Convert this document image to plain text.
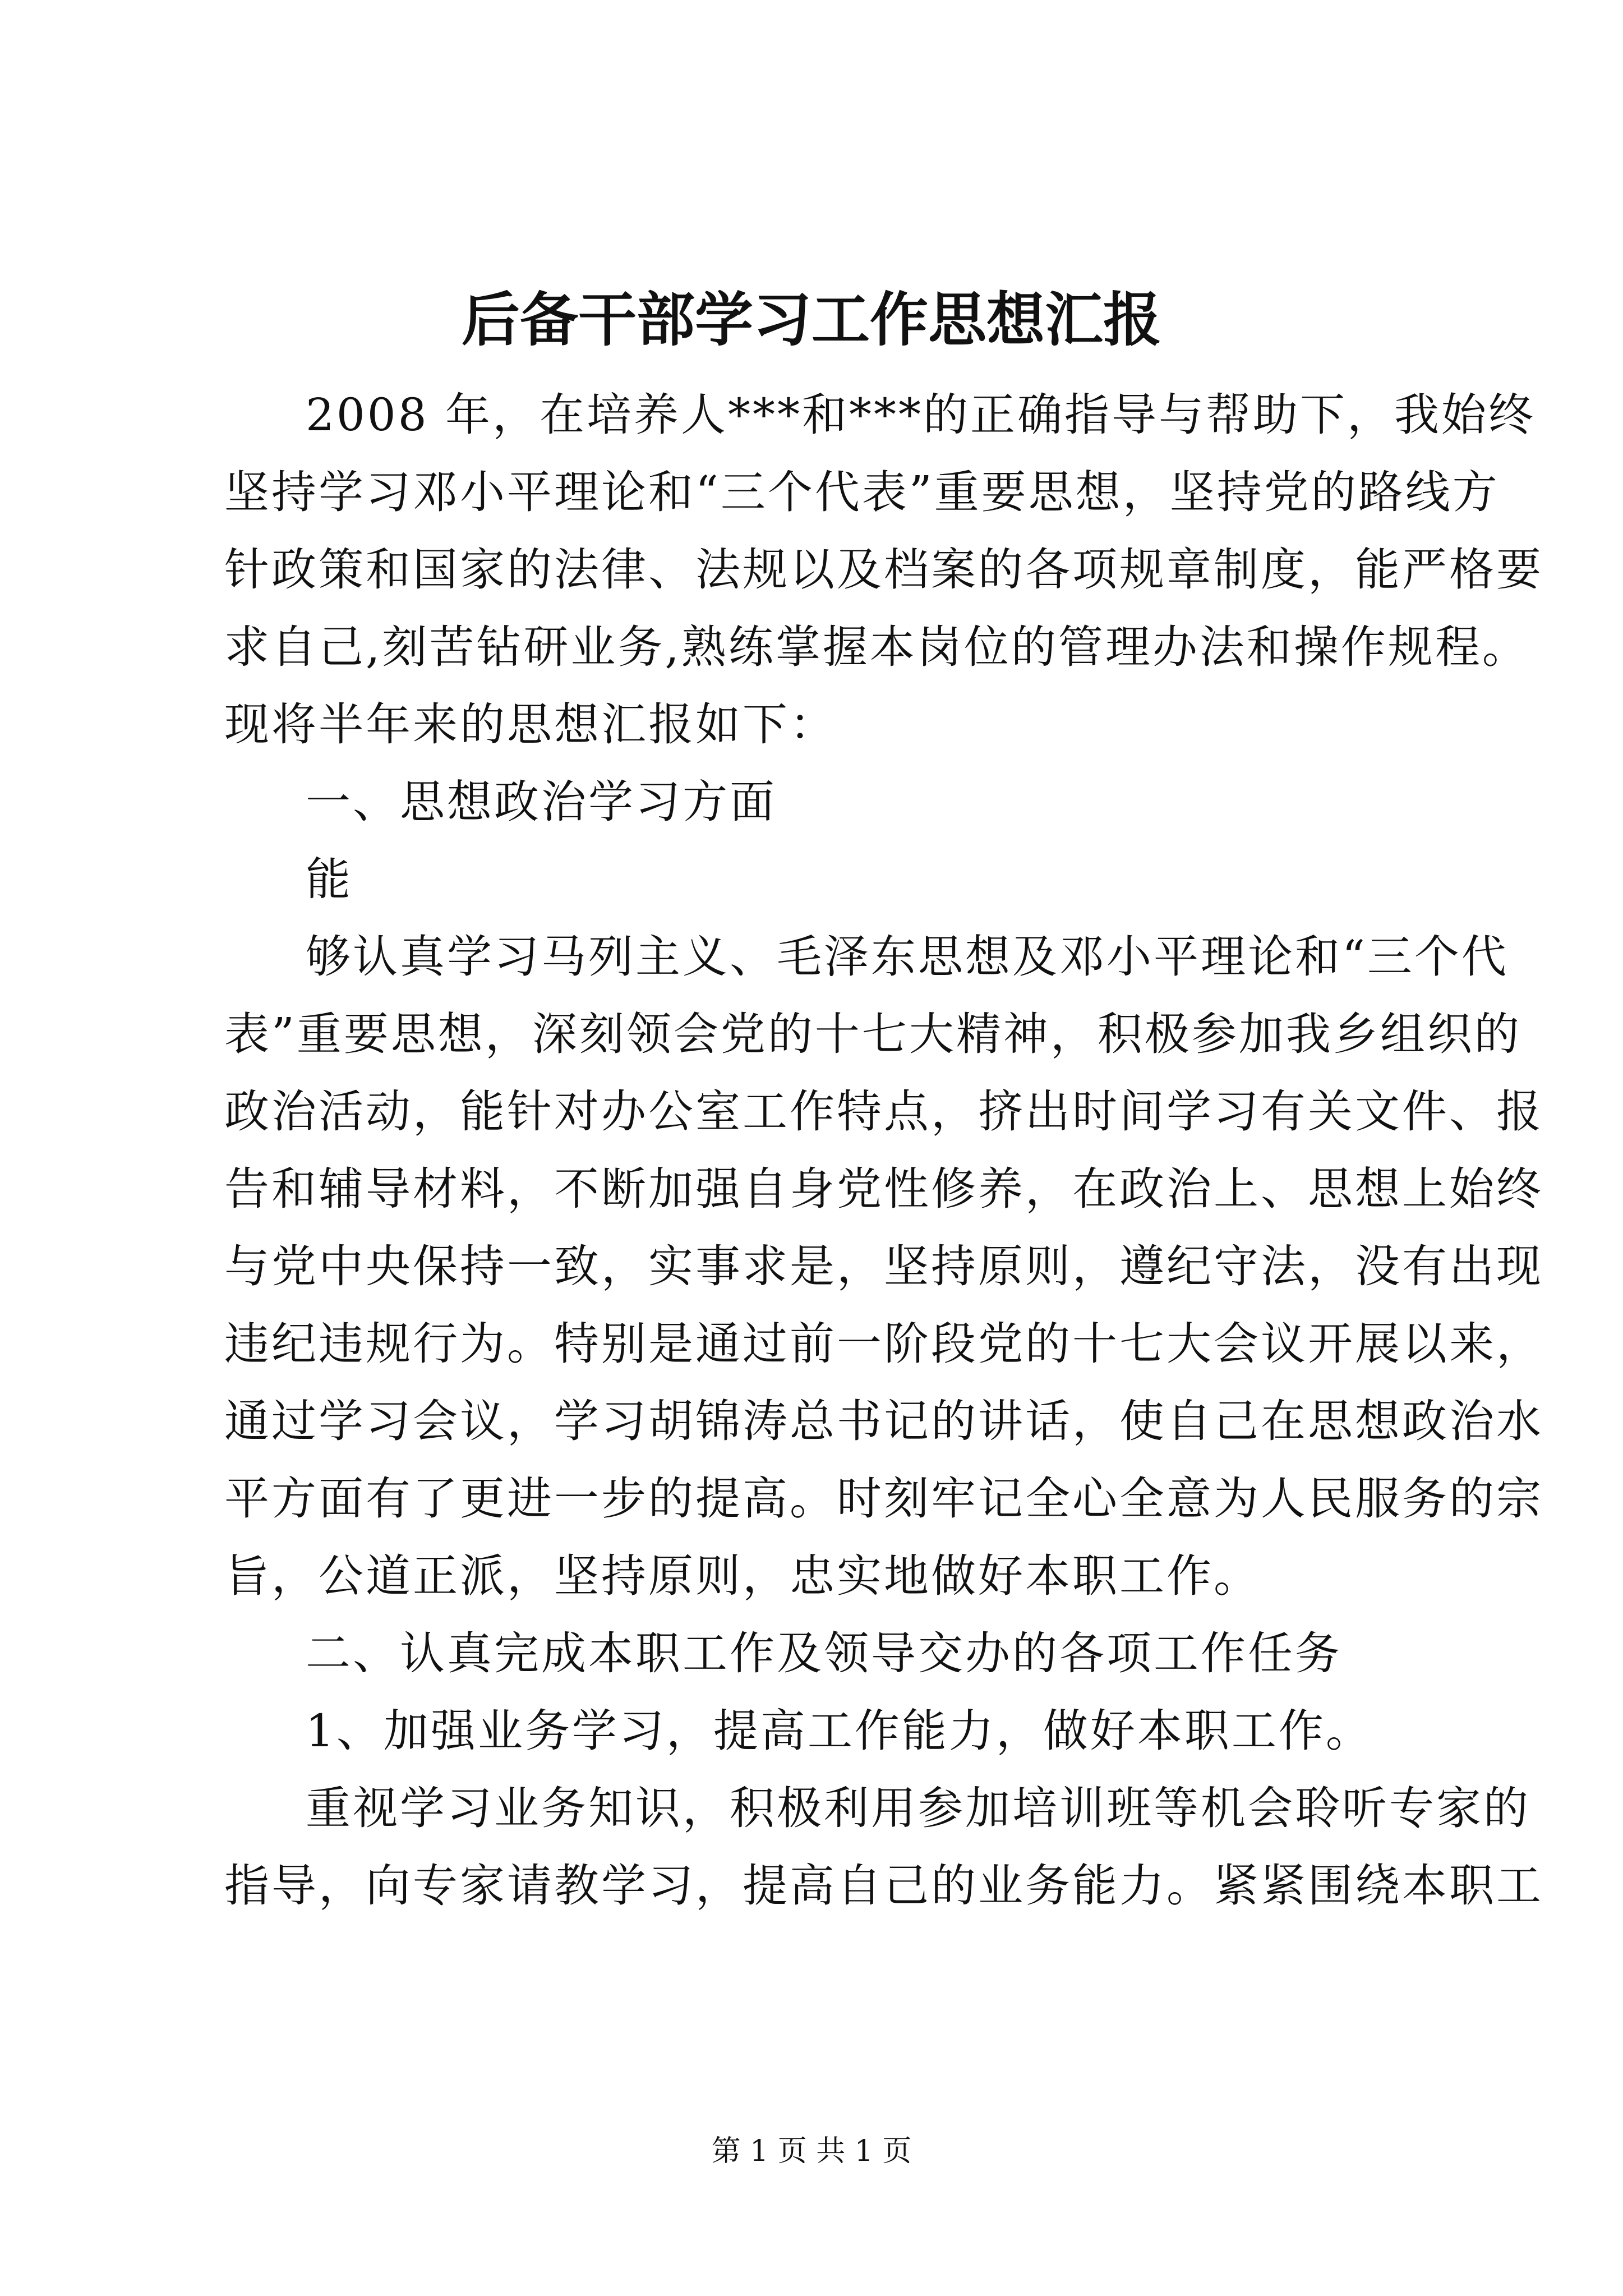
后备干部学习工作思想汇报
2008 年，在培养人***和***的正确指导与帮助下，我始终
坚持学习邓小平理论和“三个代表”重要思想，坚持党的路线方
针政策和国家的法律、法规以及档案的各项规章制度，能严格要
求自己,刻苦钻研业务,熟练掌握本岗位的管理办法和操作规程。
现将半年来的思想汇报如下：
一、思想政治学习方面
能
够认真学习马列主义、毛泽东思想及邓小平理论和“三个代
表”重要思想，深刻领会党的十七大精神，积极参加我乡组织的
政治活动，能针对办公室工作特点，挤出时间学习有关文件、报
告和辅导材料，不断加强自身党性修养，在政治上、思想上始终
与党中央保持一致，实事求是，坚持原则，遵纪守法，没有出现
违纪违规行为。特别是通过前一阶段党的十七大会议开展以来，
通过学习会议，学习胡锦涛总书记的讲话，使自己在思想政治水
平方面有了更进一步的提高。时刻牢记全心全意为人民服务的宗
旨，公道正派，坚持原则，忠实地做好本职工作。
二、认真完成本职工作及领导交办的各项工作任务
1、加强业务学习，提高工作能力，做好本职工作。
重视学习业务知识，积极利用参加培训班等机会聆听专家的
指导，向专家请教学习，提高自己的业务能力。紧紧围绕本职工
第 1 页 共 1 页
